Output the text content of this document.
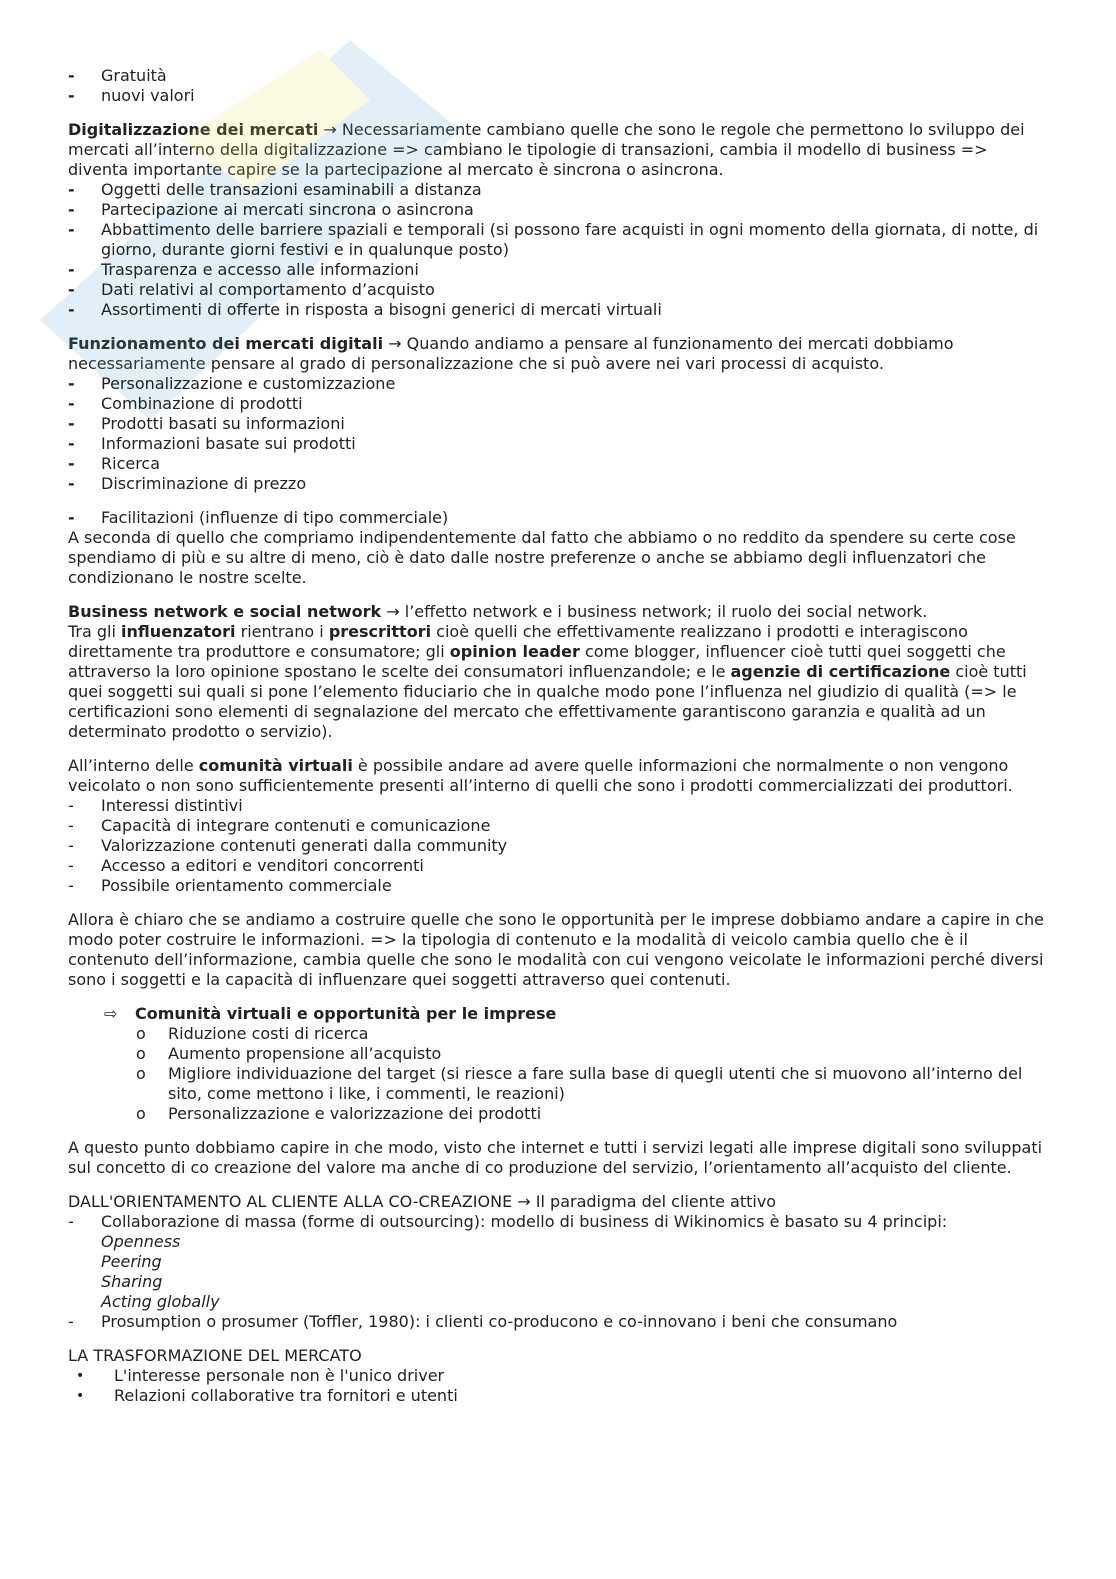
- Gratuità
- nuovi valori

Digitalizzazione dei mercati → Necessariamente cambiano quelle che sono le regole che permettono lo sviluppo dei mercati all’interno della digitalizzazione => cambiano le tipologie di transazioni, cambia il modello di business => diventa importante capire se la partecipazione al mercato è sincrona o asincrona.

- Oggetti delle transazioni esaminabili a distanza
- Partecipazione ai mercati sincrona o asincrona
- Abbattimento delle barriere spaziali e temporali (si possono fare acquisti in ogni momento della giornata, di notte, di giorno, durante giorni festivi e in qualunque posto)
- Trasparenza e accesso alle informazioni
- Dati relativi al comportamento d’acquisto
- Assortimenti di offerte in risposta a bisogni generici di mercati virtuali

Funzionamento dei mercati digitali → Quando andiamo a pensare al funzionamento dei mercati dobbiamo necessariamente pensare al grado di personalizzazione che si può avere nei vari processi di acquisto.

- Personalizzazione e customizzazione
- Combinazione di prodotti
- Prodotti basati su informazioni
- Informazioni basate sui prodotti
- Ricerca
- Discriminazione di prezzo
- Facilitazioni (influenze di tipo commerciale)

A seconda di quello che compriamo indipendentemente dal fatto che abbiamo o no reddito da spendere su certe cose spendiamo di più e su altre di meno, ciò è dato dalle nostre preferenze o anche se abbiamo degli influenzatori che condizionano le nostre scelte.

Business network e social network → l’effetto network e i business network; il ruolo dei social network.

Tra gli influenzatori rientrano i prescrittori cioè quelli che effettivamente realizzano i prodotti e interagiscono direttamente tra produttore e consumatore; gli opinion leader come blogger, influencer cioè tutti quei soggetti che attraverso la loro opinione spostano le scelte dei consumatori influenzandole; e le agenzie di certificazione cioè tutti quei soggetti sui quali si pone l’elemento fiduciario che in qualche modo pone l’influenza nel giudizio di qualità (=> le certificazioni sono elementi di segnalazione del mercato che effettivamente garantiscono garanzia e qualità ad un determinato prodotto o servizio).

All’interno delle comunità virtuali è possibile andare ad avere quelle informazioni che normalmente o non vengono veicolato o non sono sufficientemente presenti all’interno di quelli che sono i prodotti commercializzati dei produttori.

- Interessi distintivi
- Capacità di integrare contenuti e comunicazione
- Valorizzazione contenuti generati dalla community
- Accesso a editori e venditori concorrenti
- Possibile orientamento commerciale

Allora è chiaro che se andiamo a costruire quelle che sono le opportunità per le imprese dobbiamo andare a capire in che modo poter costruire le informazioni. => la tipologia di contenuto e la modalità di veicolo cambia quello che è il contenuto dell’informazione, cambia quelle che sono le modalità con cui vengono veicolate le informazioni perché diversi sono i soggetti e la capacità di influenzare quei soggetti attraverso quei contenuti.

⇨	Comunità virtuali e opportunità per le imprese
o Riduzione costi di ricerca
o Aumento propensione all’acquisto
o Migliore individuazione del target (si riesce a fare sulla base di quegli utenti che si muovono all’interno del sito, come mettono i like, i commenti, le reazioni)
o Personalizzazione e valorizzazione dei prodotti

A questo punto dobbiamo capire in che modo, visto che internet e tutti i servizi legati alle imprese digitali sono sviluppati sul concetto di co creazione del valore ma anche di co produzione del servizio, l’orientamento all’acquisto del cliente.

DALL'ORIENTAMENTO AL CLIENTE ALLA CO-CREAZIONE → Il paradigma del cliente attivo

- Collaborazione di massa (forme di outsourcing): modello di business di Wikinomics è basato su 4 principi:
Openness
Peering
Sharing
Acting globally
- Prosumption o prosumer (Toffler, 1980): i clienti co-producono e co-innovano i beni che consumano

LA TRASFORMAZIONE DEL MERCATO

• L'interesse personale non è l'unico driver
• Relazioni collaborative tra fornitori e utenti
